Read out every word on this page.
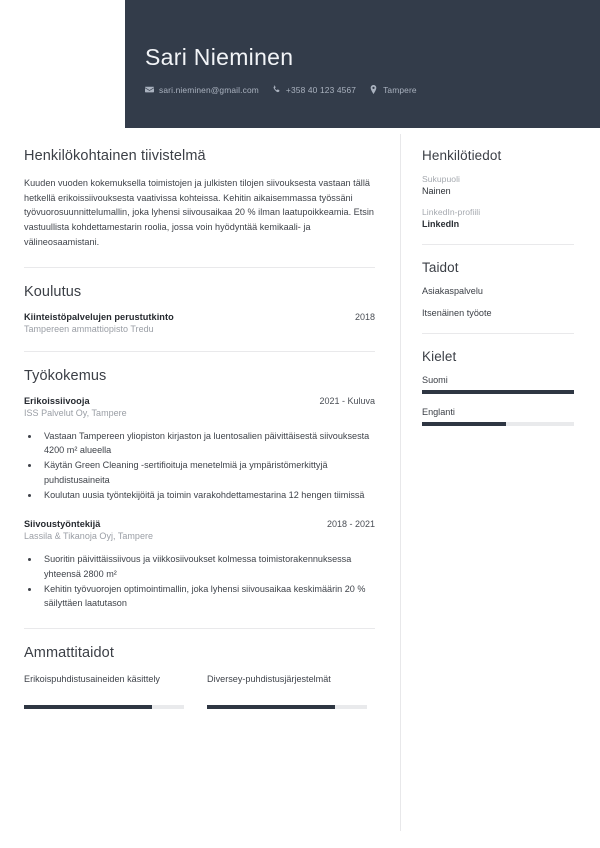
Sari Nieminen
sari.nieminen@gmail.com	+358 40 123 4567	Tampere
Henkilökohtainen tiivistelmä
Kuuden vuoden kokemuksella toimistojen ja julkisten tilojen siivouksesta vastaan tällä hetkellä erikoissiivouksesta vaativissa kohteissa. Kehitin aikaisemmassa työssäni työvuorosuunnittelumallin, joka lyhensi siivousaikaa 20 % ilman laatupoikkeamia. Etsin vastuullista kohdettamestarin roolia, jossa voin hyödyntää kemikaali- ja välineosaamistani.
Koulutus
Kiinteistöpalvelujen perustutkinto	2018
Tampereen ammattiopisto Tredu
Työkokemus
Erikoissiivooja	2021 - Kuluva
ISS Palvelut Oy, Tampere
• Vastaan Tampereen yliopiston kirjaston ja luentosalien päivittäisestä siivouksesta 4200 m² alueella
• Käytän Green Cleaning -sertifioituja menetelmiä ja ympäristömerkittyjä puhdistusaineita
• Koulutan uusia työntekijöitä ja toimin varakohdettamestarina 12 hengen tiimissä
Siivoustyöntekijä	2018 - 2021
Lassila & Tikanoja Oyj, Tampere
• Suoritin päivittäissiivous ja viikkosiivoukset kolmessa toimistorakennuksessa yhteensä 2800 m²
• Kehitin työvuorojen optimointimallin, joka lyhensi siivousaikaa keskimäärin 20 % säilyttäen laatutason
Ammattitaidot
Erikoispuhdistusaineiden käsittely	Diversey-puhdistusjärjestelmät
Henkilötiedot
Sukupuoli
Nainen
LinkedIn-profiili
LinkedIn
Taidot
Asiakaspalvelu
Itsenäinen työote
Kielet
Suomi
Englanti
